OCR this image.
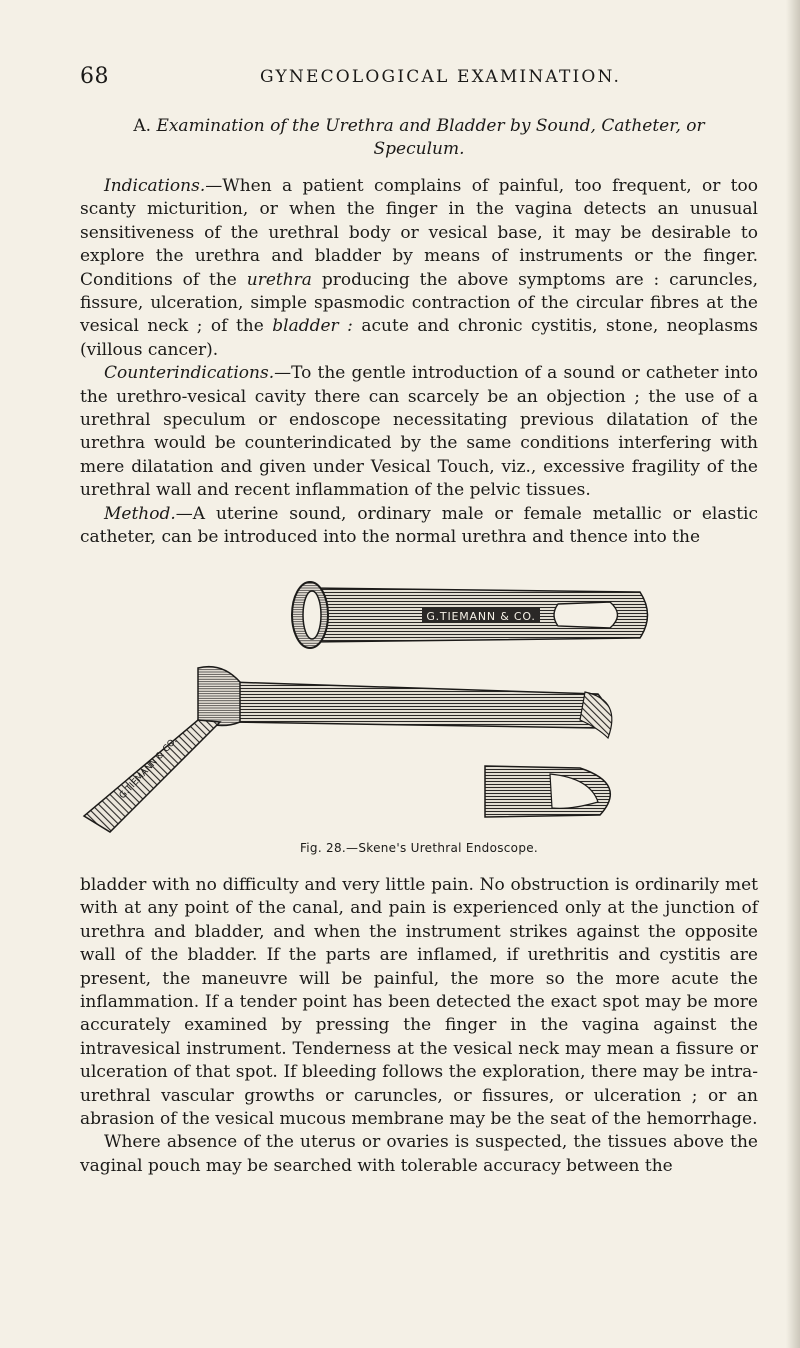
68	GYNECOLOGICAL EXAMINATION.
A. Examination of the Urethra and Bladder by Sound, Catheter, or Speculum.

Indications.—When a patient complains of painful, too frequent, or too scanty micturition, or when the finger in the vagina detects an unusual sensitiveness of the urethral body or vesical base, it may be desirable to explore the urethra and bladder by means of instruments or the finger. Conditions of the urethra producing the above symptoms are : caruncles, fissure, ulceration, simple spasmodic contraction of the circular fibres at the vesical neck ; of the bladder : acute and chronic cystitis, stone, neoplasms (villous cancer).

Counterindications.—To the gentle introduction of a sound or catheter into the urethro-vesical cavity there can scarcely be an objection ; the use of a urethral speculum or endoscope necessitating previous dilatation of the urethra would be counterindicated by the same conditions interfering with mere dilatation and given under Vesical Touch, viz., excessive fragility of the urethral wall and recent inflammation of the pelvic tissues.

Method.—A uterine sound, ordinary male or female metallic or elastic catheter, can be introduced into the normal urethra and thence into the

G.TIEMANN & CO.
G.TIEMANN & CO.

Fig. 28.—Skene's Urethral Endoscope.

bladder with no difficulty and very little pain. No obstruction is ordinarily met with at any point of the canal, and pain is experienced only at the junction of urethra and bladder, and when the instrument strikes against the opposite wall of the bladder. If the parts are inflamed, if urethritis and cystitis are present, the maneuvre will be painful, the more so the more acute the inflammation. If a tender point has been detected the exact spot may be more accurately examined by pressing the finger in the vagina against the intravesical instrument. Tenderness at the vesical neck may mean a fissure or ulceration of that spot. If bleeding follows the exploration, there may be intra-urethral vascular growths or caruncles, or fissures, or ulceration ; or an abrasion of the vesical mucous membrane may be the seat of the hemorrhage.

Where absence of the uterus or ovaries is suspected, the tissues above the vaginal pouch may be searched with tolerable accuracy between the
